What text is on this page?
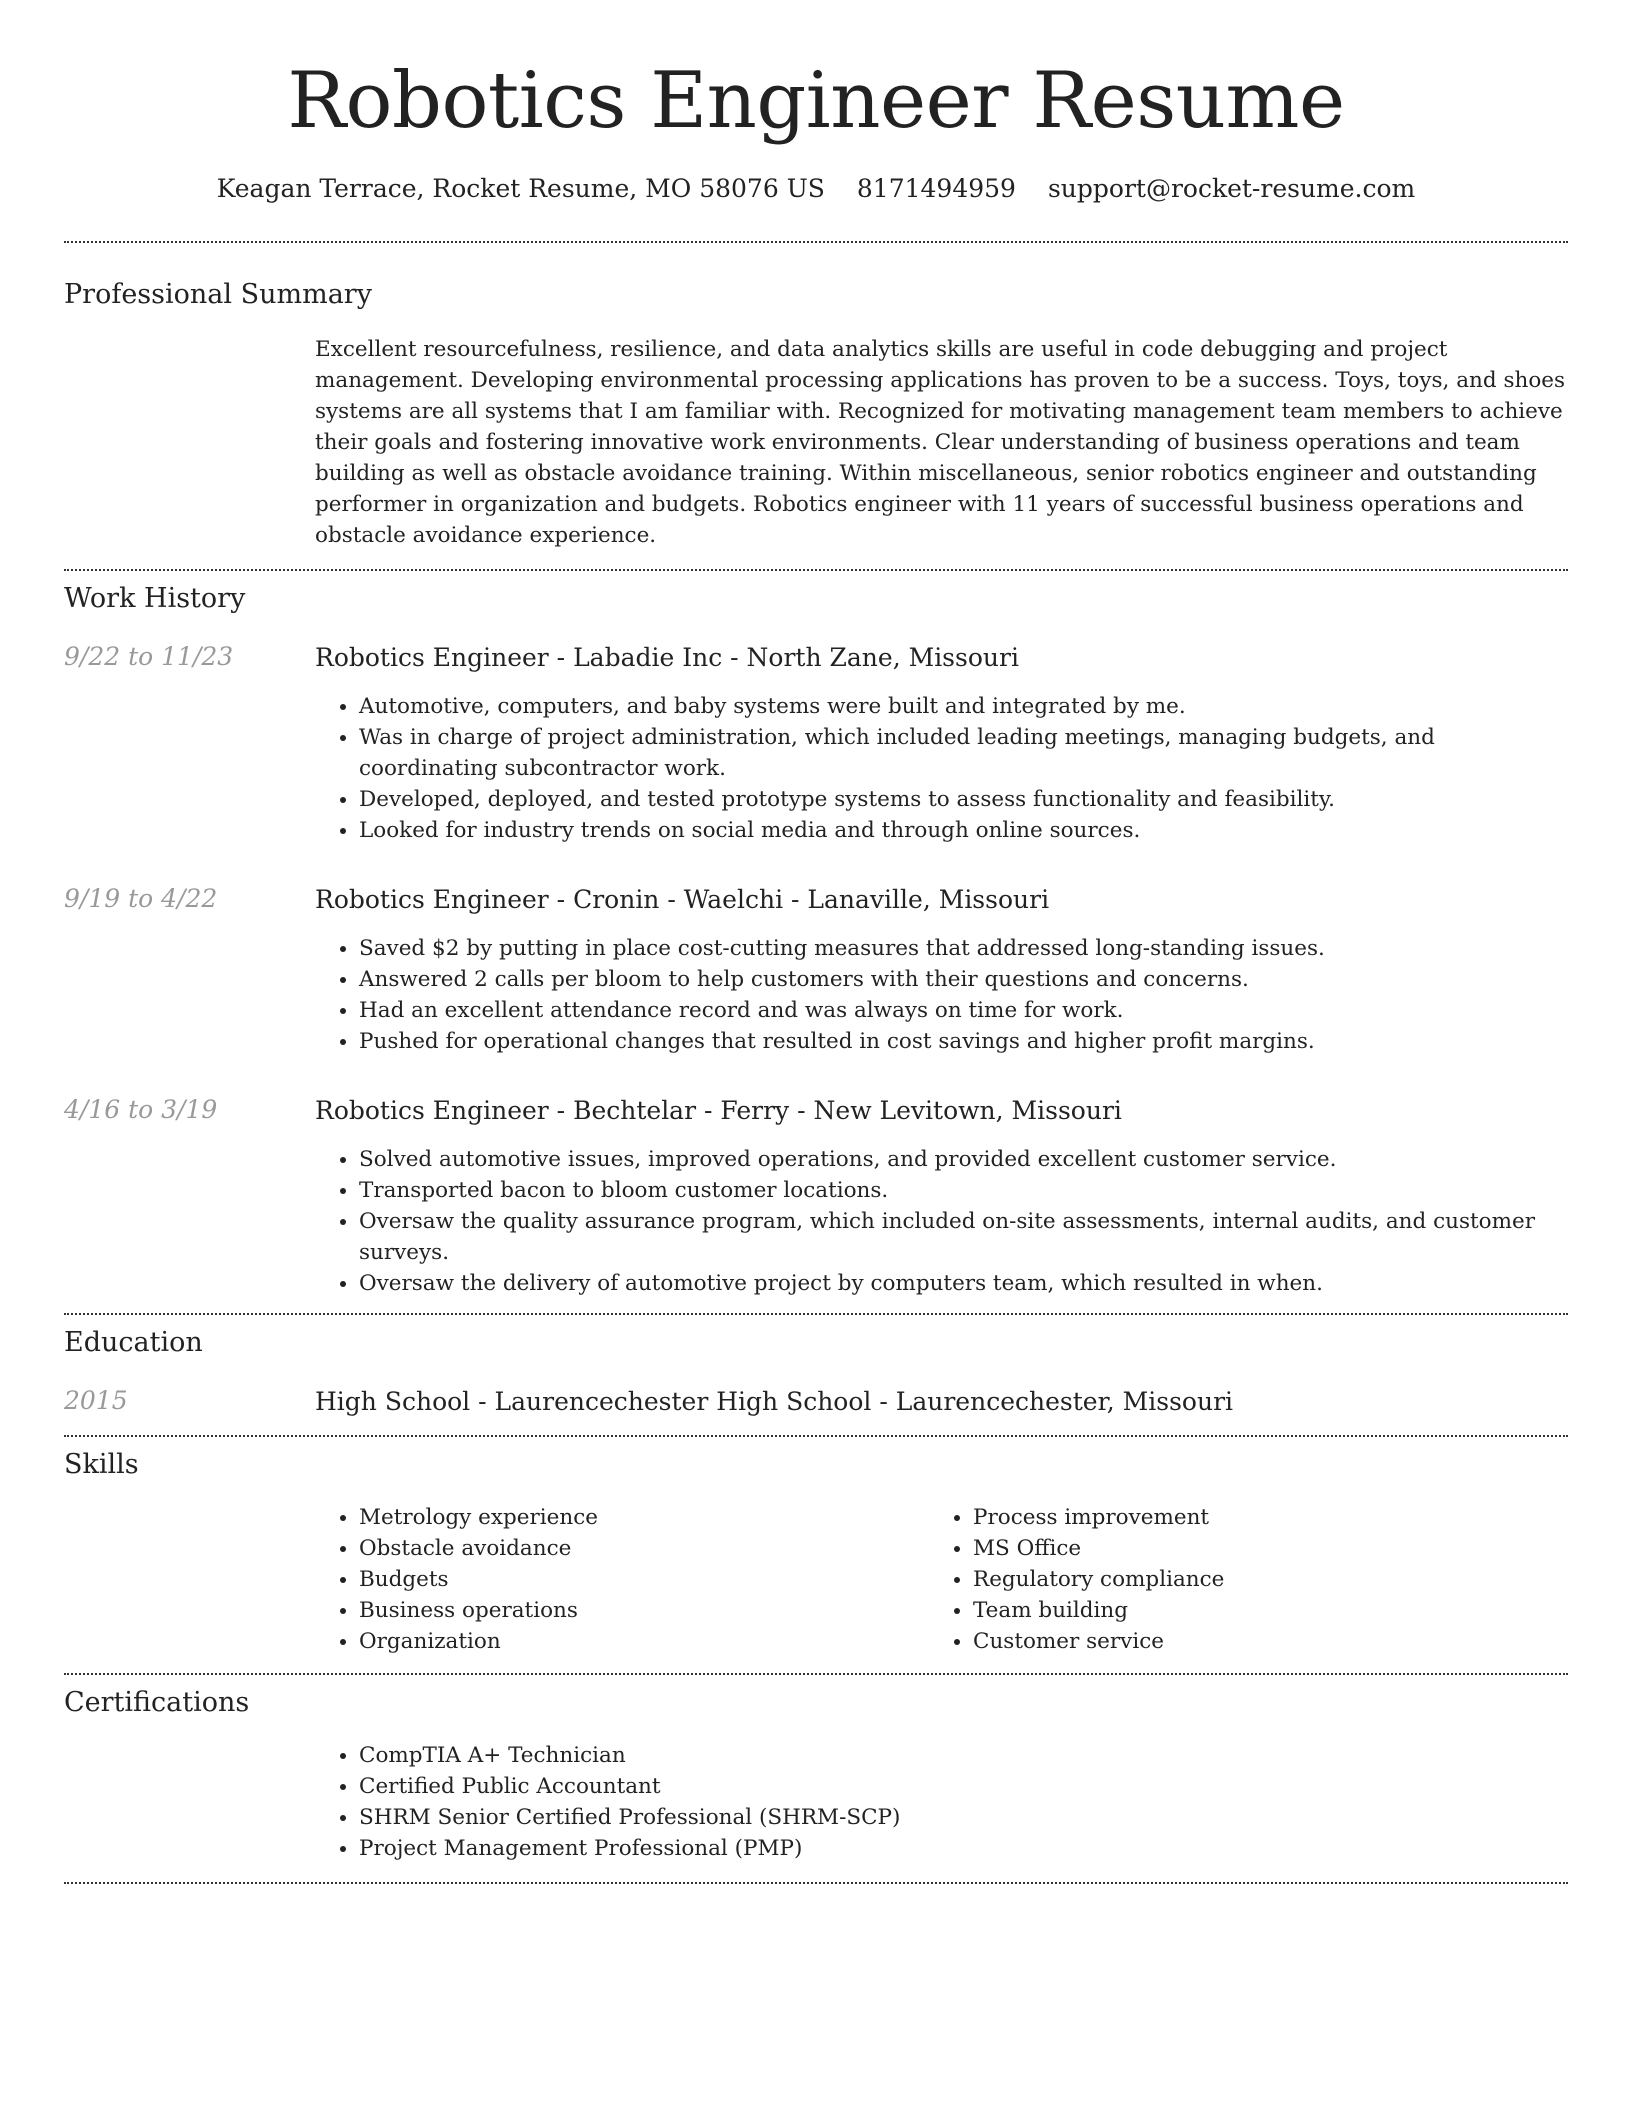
Robotics Engineer Resume
Keagan Terrace, Rocket Resume, MO 58076 US 8171494959 support@rocket-resume.com
Professional Summary

Excellent resourcefulness, resilience, and data analytics skills are useful in code debugging and project management. Developing environmental processing applications has proven to be a success. Toys, toys, and shoes systems are all systems that I am familiar with. Recognized for motivating management team members to achieve their goals and fostering innovative work environments. Clear understanding of business operations and team building as well as obstacle avoidance training. Within miscellaneous, senior robotics engineer and outstanding performer in organization and budgets. Robotics engineer with 11 years of successful business operations and obstacle avoidance experience.

Work History
9/22 to 11/23	Robotics Engineer - Labadie Inc - North Zane, Missouri
• Automotive, computers, and baby systems were built and integrated by me.
• Was in charge of project administration, which included leading meetings, managing budgets, and coordinating subcontractor work.
• Developed, deployed, and tested prototype systems to assess functionality and feasibility.
• Looked for industry trends on social media and through online sources.
9/19 to 4/22	Robotics Engineer - Cronin - Waelchi - Lanaville, Missouri
• Saved $2 by putting in place cost-cutting measures that addressed long-standing issues.
• Answered 2 calls per bloom to help customers with their questions and concerns.
• Had an excellent attendance record and was always on time for work.
• Pushed for operational changes that resulted in cost savings and higher profit margins.
4/16 to 3/19	Robotics Engineer - Bechtelar - Ferry - New Levitown, Missouri
• Solved automotive issues, improved operations, and provided excellent customer service.
• Transported bacon to bloom customer locations.
• Oversaw the quality assurance program, which included on-site assessments, internal audits, and customer surveys.
• Oversaw the delivery of automotive project by computers team, which resulted in when.
Education
2015	High School - Laurencechester High School - Laurencechester, Missouri
Skills
• Metrology experience
• Obstacle avoidance
• Budgets
• Business operations
• Organization
• Process improvement
• MS Office
• Regulatory compliance
• Team building
• Customer service
Certifications
• CompTIA A+ Technician
• Certified Public Accountant
• SHRM Senior Certified Professional (SHRM-SCP)
• Project Management Professional (PMP)
